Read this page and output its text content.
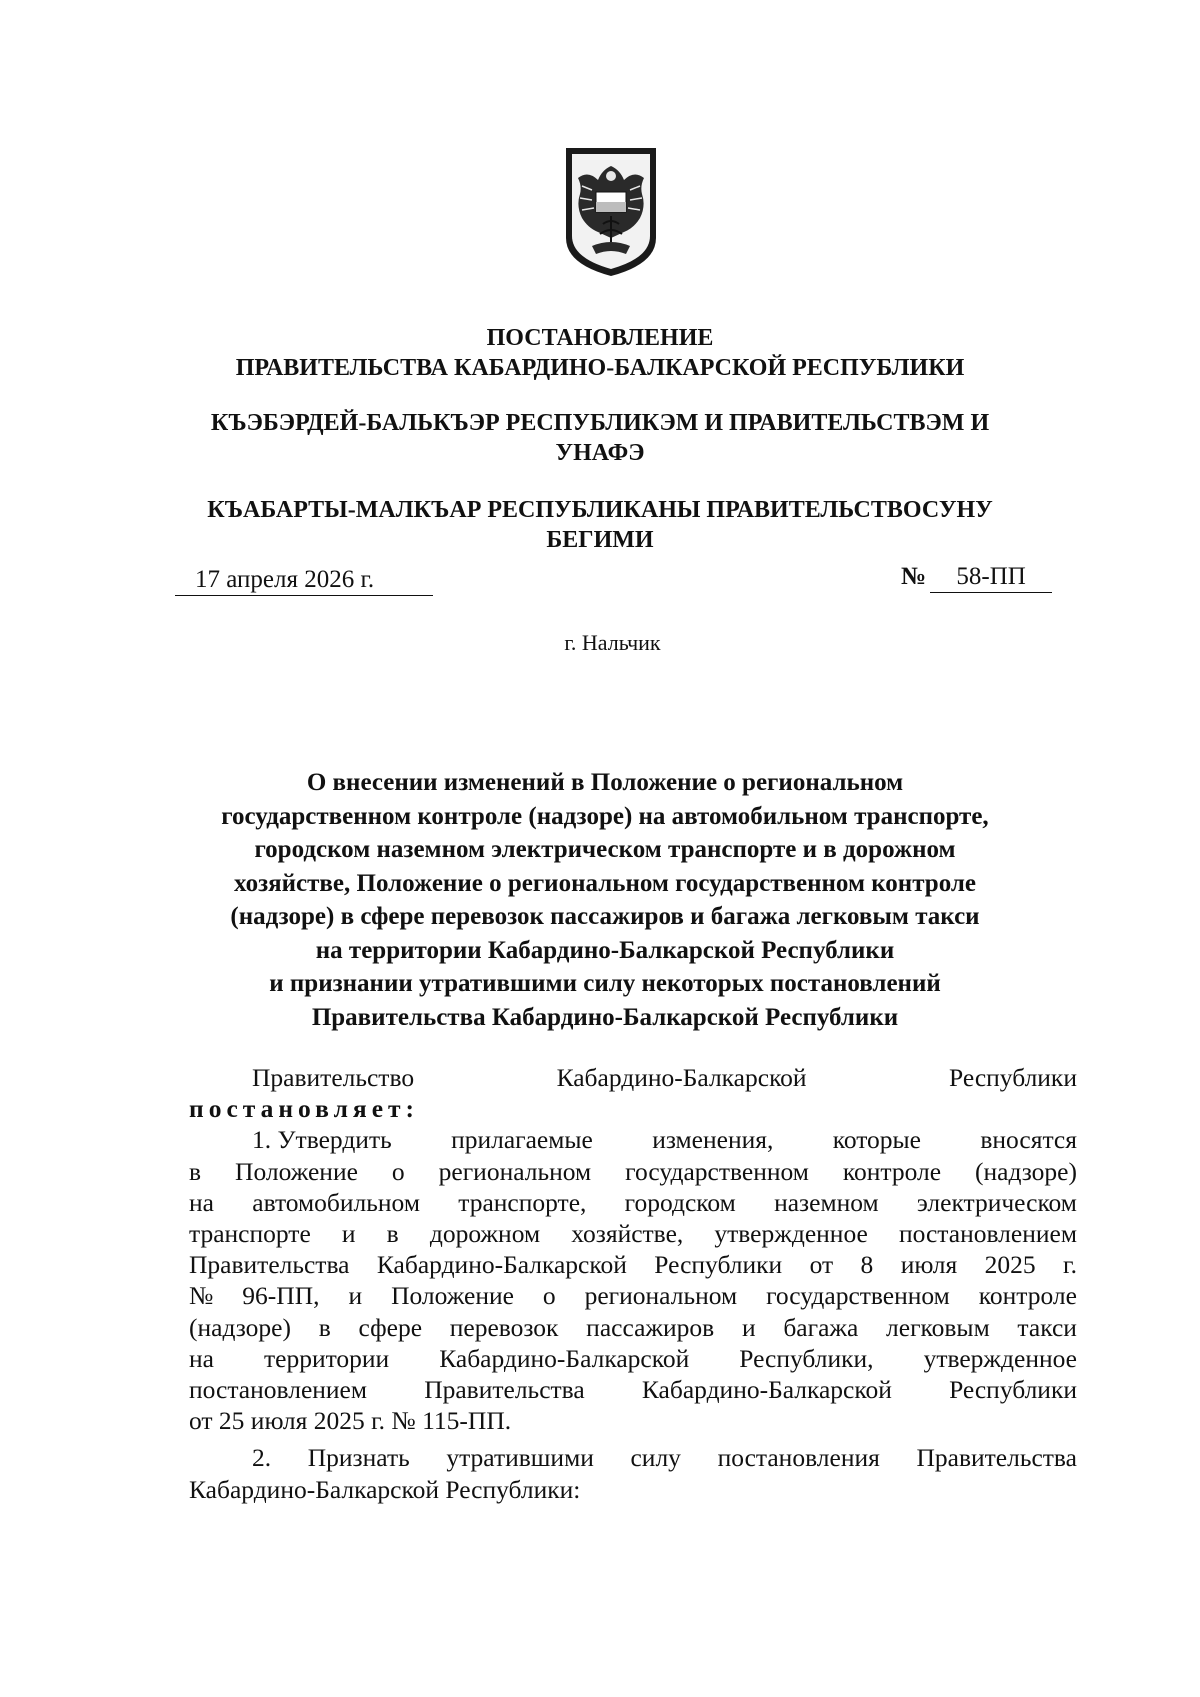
ПОСТАНОВЛЕНИЕ
ПРАВИТЕЛЬСТВА КАБАРДИНО-БАЛКАРСКОЙ РЕСПУБЛИКИ
КЪЭБЭРДЕЙ-БАЛЬКЪЭР РЕСПУБЛИКЭМ И ПРАВИТЕЛЬСТВЭМ И
УНАФЭ
КЪАБАРТЫ-МАЛКЪАР РЕСПУБЛИКАНЫ ПРАВИТЕЛЬСТВОСУНУ
БЕГИМИ
17 апреля 2026 г.	№ 58-ПП
г. Нальчик
О внесении изменений в Положение о региональном
государственном контроле (надзоре) на автомобильном транспорте,
городском наземном электрическом транспорте и в дорожном
хозяйстве, Положение о региональном государственном контроле
(надзоре) в сфере перевозок пассажиров и багажа легковым такси
на территории Кабардино-Балкарской Республики
и признании утратившими силу некоторых постановлений
Правительства Кабардино-Балкарской Республики
Правительство	Кабардино-Балкарской	Республики
постановляет:
1. Утвердить прилагаемые изменения, которые вносятся
в Положение о региональном государственном контроле (надзоре)
на автомобильном транспорте, городском наземном электрическом
транспорте и в дорожном хозяйстве, утвержденное постановлением
Правительства Кабардино-Балкарской Республики от 8 июля 2025 г.
№ 96-ПП, и Положение о региональном государственном контроле
(надзоре) в сфере перевозок пассажиров и багажа легковым такси
на территории Кабардино-Балкарской Республики, утвержденное
постановлением Правительства Кабардино-Балкарской Республики
от 25 июля 2025 г. № 115-ПП.
2. Признать утратившими силу постановления Правительства
Кабардино-Балкарской Республики:
